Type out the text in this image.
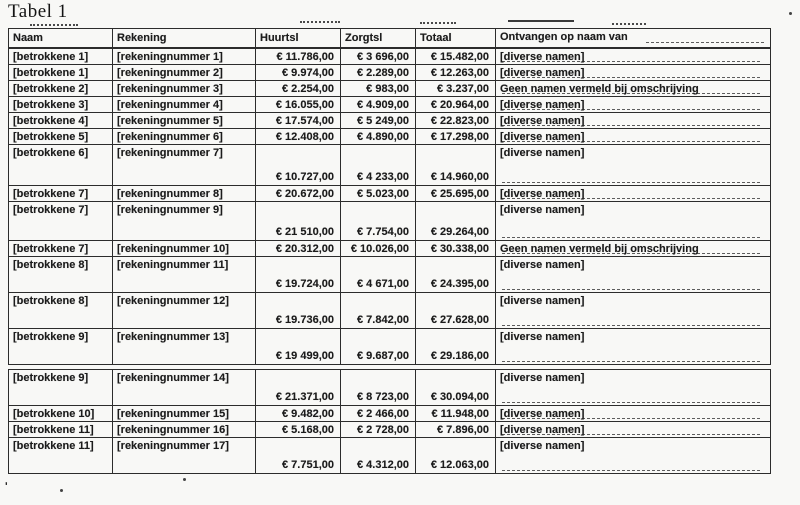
Tabel 1
Naam	Rekening	Huurtsl	Zorgtsl	Totaal	Ontvangen op naam van
[betrokkene 1]	[rekeningnummer 1]	€ 11.786,00	€ 3 696,00	€ 15.482,00	[diverse namen]
[betrokkene 1]	[rekeningnummer 2]	€ 9.974,00	€ 2.289,00	€ 12.263,00	[diverse namen]
[betrokkene 2]	[rekeningnummer 3]	€ 2.254,00	€ 983,00	€ 3.237,00	Geen namen vermeld bij omschrijving
[betrokkene 3]	[rekeningnummer 4]	€ 16.055,00	€ 4.909,00	€ 20.964,00	[diverse namen]
[betrokkene 4]	[rekeningnummer 5]	€ 17.574,00	€ 5 249,00	€ 22.823,00	[diverse namen]
[betrokkene 5]	[rekeningnummer 6]	€ 12.408,00	€ 4.890,00	€ 17.298,00	[diverse namen]
[betrokkene 6]	[rekeningnummer 7]	€ 10.727,00	€ 4 233,00	€ 14.960,00	[diverse namen]
[betrokkene 7]	[rekeningnummer 8]	€ 20.672,00	€ 5.023,00	€ 25.695,00	[diverse namen]
[betrokkene 7]	[rekeningnummer 9]	€ 21 510,00	€ 7.754,00	€ 29.264,00	[diverse namen]
[betrokkene 7]	[rekeningnummer 10]	€ 20.312,00	€ 10.026,00	€ 30.338,00	Geen namen vermeld bij omschrijving
[betrokkene 8]	[rekeningnummer 11]	€ 19.724,00	€ 4 671,00	€ 24.395,00	[diverse namen]
[betrokkene 8]	[rekeningnummer 12]	€ 19.736,00	€ 7.842,00	€ 27.628,00	[diverse namen]
[betrokkene 9]	[rekeningnummer 13]	€ 19 499,00	€ 9.687,00	€ 29.186,00	[diverse namen]
[betrokkene 9]	[rekeningnummer 14]	€ 21.371,00	€ 8 723,00	€ 30.094,00	[diverse namen]
[betrokkene 10]	[rekeningnummer 15]	€ 9.482,00	€ 2 466,00	€ 11.948,00	[diverse namen]
[betrokkene 11]	[rekeningnummer 16]	€ 5.168,00	€ 2 728,00	€ 7.896,00	[diverse namen]
[betrokkene 11]	[rekeningnummer 17]	€ 7.751,00	€ 4.312,00	€ 12.063,00	[diverse namen]
ʹ
